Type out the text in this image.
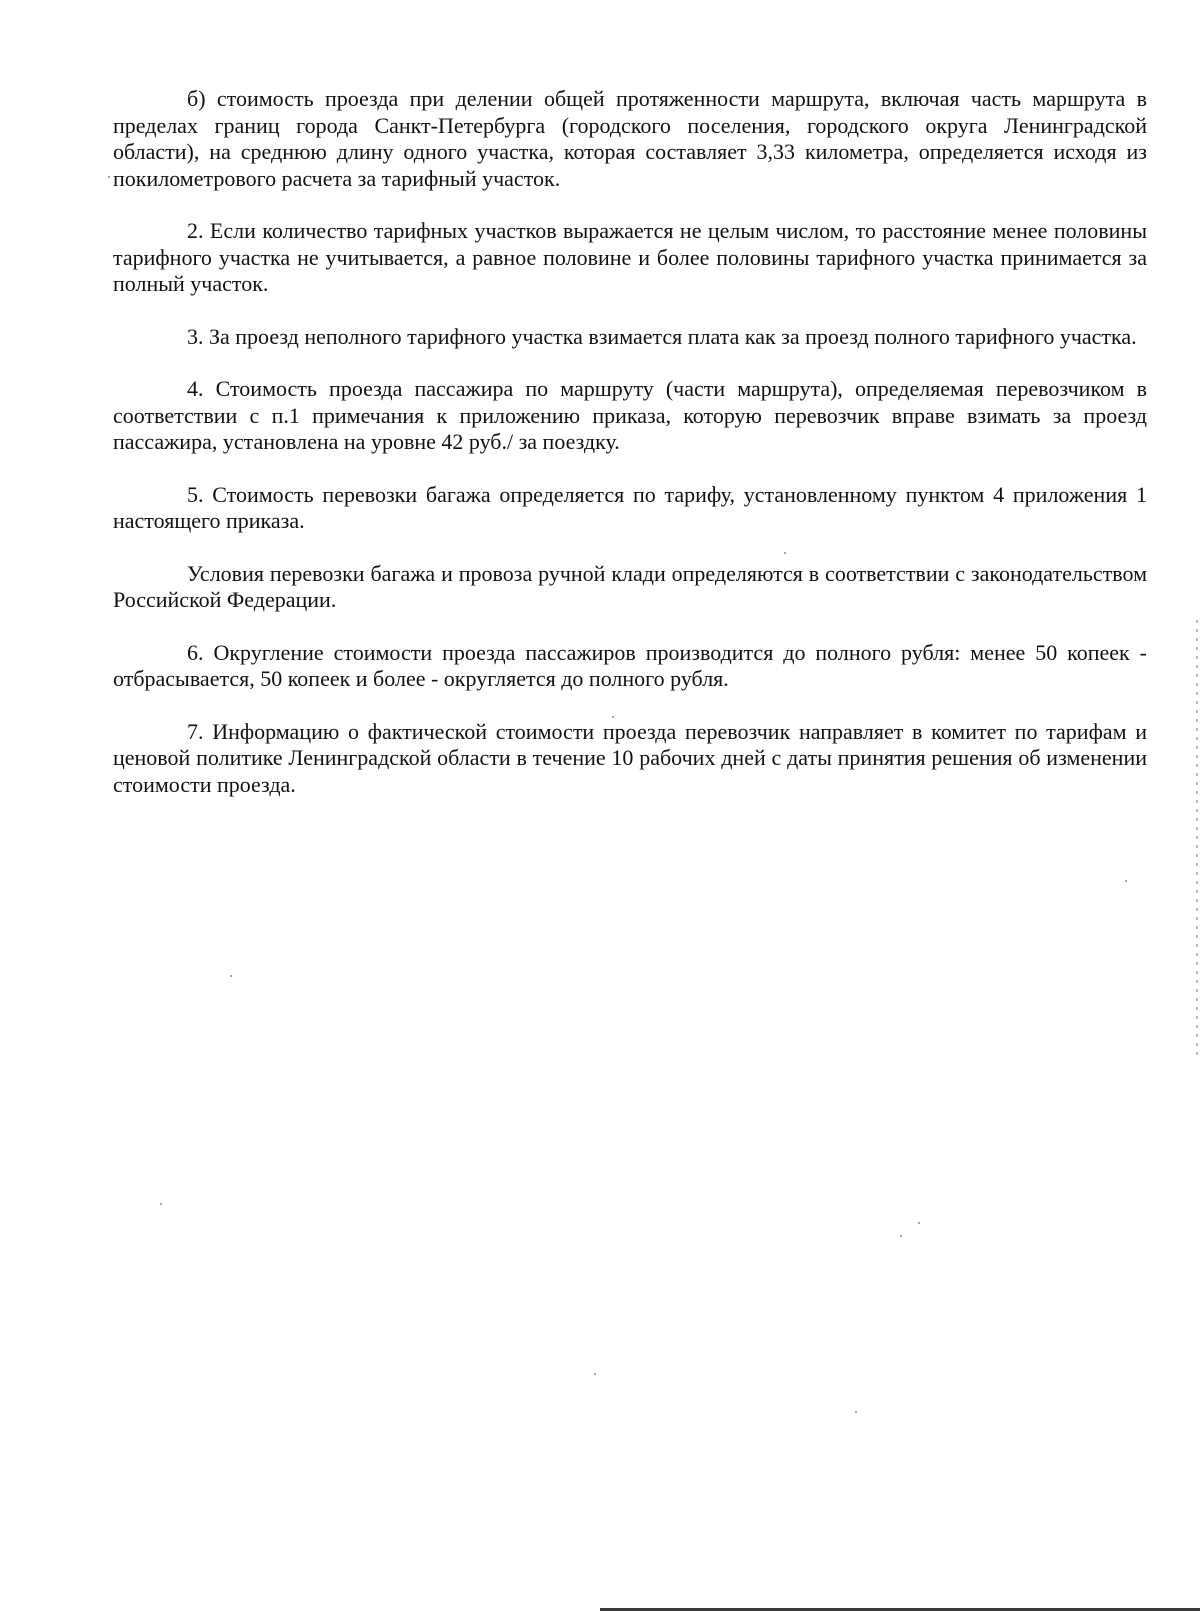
б) стоимость проезда при делении общей протяженности маршрута, включая часть маршрута в пределах границ города Санкт-Петербурга (городского поселения, городского округа Ленинградской области), на среднюю длину одного участка, которая составляет 3,33 километра, определяется исходя из покилометрового расчета за тарифный участок.

2. Если количество тарифных участков выражается не целым числом, то расстояние менее половины тарифного участка не учитывается, а равное половине и более половины тарифного участка принимается за полный участок.

3. За проезд неполного тарифного участка взимается плата как за проезд полного тарифного участка.

4. Стоимость проезда пассажира по маршруту (части маршрута), определяемая перевозчиком в соответствии с п.1 примечания к приложению приказа, которую перевозчик вправе взимать за проезд пассажира, установлена на уровне 42 руб./ за поездку.

5. Стоимость перевозки багажа определяется по тарифу, установленному пунктом 4 приложения 1 настоящего приказа.

Условия перевозки багажа и провоза ручной клади определяются в соответствии с законодательством Российской Федерации.

6. Округление стоимости проезда пассажиров производится до полного рубля: менее 50 копеек - отбрасывается, 50 копеек и более - округляется до полного рубля.

7. Информацию о фактической стоимости проезда перевозчик направляет в комитет по тарифам и ценовой политике Ленинградской области в течение 10 рабочих дней с даты принятия решения об изменении стоимости проезда.
